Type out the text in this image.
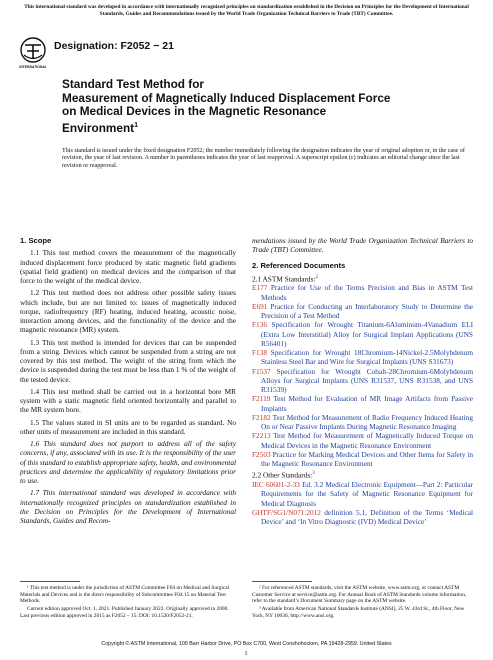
This international standard was developed in accordance with internationally recognized principles on standardization established in the Decision on Principles for the Development of International Standards, Guides and Recommendations issued by the World Trade Organization Technical Barriers to Trade (TBT) Committee.
INTERNATIONAL
Designation: F2052 − 21
Standard Test Method for
Measurement of Magnetically Induced Displacement Force
on Medical Devices in the Magnetic Resonance
Environment$^1$
This standard is issued under the fixed designation F2052; the number immediately following the designation indicates the year of original adoption or, in the case of revision, the year of last revision. A number in parentheses indicates the year of last reapproval. A superscript epsilon (ε) indicates an editorial change since the last revision or reapproval.
1. Scope
1.1 This test method covers the measurement of the magnetically induced displacement force produced by static magnetic field gradients (spatial field gradient) on medical devices and the comparison of that force to the weight of the medical device.
1.2 This test method does not address other possible safety issues which include, but are not limited to: issues of magnetically induced torque, radiofrequency (RF) heating, induced heating, acoustic noise, interaction among devices, and the functionality of the device and the magnetic resonance (MR) system.
1.3 This test method is intended for devices that can be suspended from a string. Devices which cannot be suspended from a string are not covered by this test method. The weight of the string from which the device is suspended during the test must be less than 1 % of the weight of the tested device.
1.4 This test method shall be carried out in a horizontal bore MR system with a static magnetic field oriented horizontally and parallel to the MR system bore.
1.5 The values stated in SI units are to be regarded as standard. No other units of measurement are included in this standard.
1.6 This standard does not purport to address all of the safety concerns, if any, associated with its use. It is the responsibility of the user of this standard to establish appropriate safety, health, and environmental practices and determine the applicability of regulatory limitations prior to use.
1.7 This international standard was developed in accordance with internationally recognized principles on standardization established in the Decision on Principles for the Development of International Standards, Guides and Recom-
mendations issued by the World Trade Organization Technical Barriers to Trade (TBT) Committee.
2. Referenced Documents
2.1 ASTM Standards:$^2$
E177 Practice for Use of the Terms Precision and Bias in ASTM Test Methods
E691 Practice for Conducting an Interlaboratory Study to Determine the Precision of a Test Method
F136 Specification for Wrought Titanium-6Aluminum-4Vanadium ELI (Extra Low Interstitial) Alloy for Surgical Implant Applications (UNS R56401)
F138 Specification for Wrought 18Chromium-14Nickel-2.5Molybdenum Stainless Steel Bar and Wire for Surgical Implants (UNS S31673)
F1537 Specification for Wrought Cobalt-28Chromium-6Molybdenum Alloys for Surgical Implants (UNS R31537, UNS R31538, and UNS R31539)
F2119 Test Method for Evaluation of MR Image Artifacts from Passive Implants
F2182 Test Method for Measurement of Radio Frequency Induced Heating On or Near Passive Implants During Magnetic Resonance Imaging
F2213 Test Method for Measurement of Magnetically Induced Torque on Medical Devices in the Magnetic Resonance Environment
F2503 Practice for Marking Medical Devices and Other Items for Safety in the Magnetic Resonance Environment
2.2 Other Standards:$^3$
IEC 60601-2-33 Ed. 3.2 Medical Electronic Equipment—Part 2: Particular Requirements for the Safety of Magnetic Resonance Equipment for Medical Diagnosis
GHTF/SG1/N071:2012 definition 5.1, Definition of the Terms ‘Medical Device’ and ‘In Vitro Diagnostic (IVD) Medical Device’
¹ This test method is under the jurisdiction of ASTM Committee F04 on Medical and Surgical Materials and Devices and is the direct responsibility of Subcommittee F04.15 on Material Test Methods.
Current edition approved Oct. 1, 2021. Published January 2022. Originally approved in 2000. Last previous edition approved in 2015 as F2052 – 15. DOI: 10.1520/F2052-21.
² For referenced ASTM standards, visit the ASTM website, www.astm.org, or contact ASTM Customer Service at service@astm.org. For Annual Book of ASTM Standards volume information, refer to the standard’s Document Summary page on the ASTM website.
³ Available from American National Standards Institute (ANSI), 25 W. 43rd St., 4th Floor, New York, NY 10036, http://www.ansi.org.
Copyright © ASTM International, 100 Barr Harbor Drive, PO Box C700, West Conshohocken, PA 19428-2959. United States
1
